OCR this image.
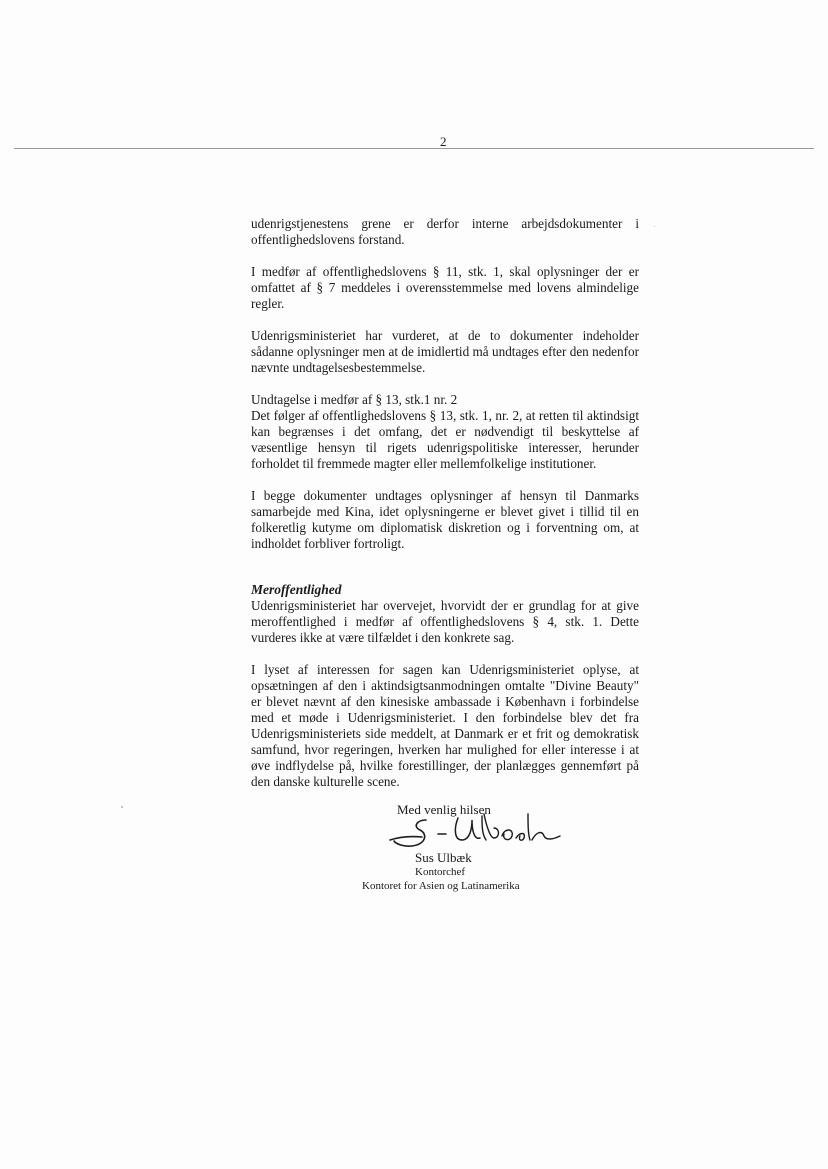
2

udenrigstjenestens grene er derfor interne arbejdsdokumenter i offentlighedslovens forstand.

I medfør af offentlighedslovens § 11, stk. 1, skal oplysninger der er omfattet af § 7 meddeles i overensstemmelse med lovens almindelige regler.

Udenrigsministeriet har vurderet, at de to dokumenter indeholder sådanne oplysninger men at de imidlertid må undtages efter den nedenfor nævnte undtagelsesbestemmelse.

Undtagelse i medfør af § 13, stk.1 nr. 2

Det følger af offentlighedslovens § 13, stk. 1, nr. 2, at retten til aktindsigt kan begrænses i det omfang, det er nødvendigt til beskyttelse af væsentlige hensyn til rigets udenrigspolitiske interesser, herunder forholdet til fremmede magter eller mellemfolkelige institutioner.

I begge dokumenter undtages oplysninger af hensyn til Danmarks samarbejde med Kina, idet oplysningerne er blevet givet i tillid til en folkeretlig kutyme om diplomatisk diskretion og i forventning om, at indholdet forbliver fortroligt.

Meroffentlighed

Udenrigsministeriet har overvejet, hvorvidt der er grundlag for at give meroffentlighed i medfør af offentlighedslovens § 4, stk. 1. Dette vurderes ikke at være tilfældet i den konkrete sag.

I lyset af interessen for sagen kan Udenrigsministeriet oplyse, at opsætningen af den i aktindsigtsanmodningen omtalte "Divine Beauty" er blevet nævnt af den kinesiske ambassade i København i forbindelse med et møde i Udenrigsministeriet. I den forbindelse blev det fra Udenrigsministeriets side meddelt, at Danmark er et frit og demokratisk samfund, hvor regeringen, hverken har mulighed for eller interesse i at øve indflydelse på, hvilke forestillinger, der planlægges gennemført på den danske kulturelle scene.

Med venlig hilsen
Sus Ulbæk
Kontorchef
Kontoret for Asien og Latinamerika
